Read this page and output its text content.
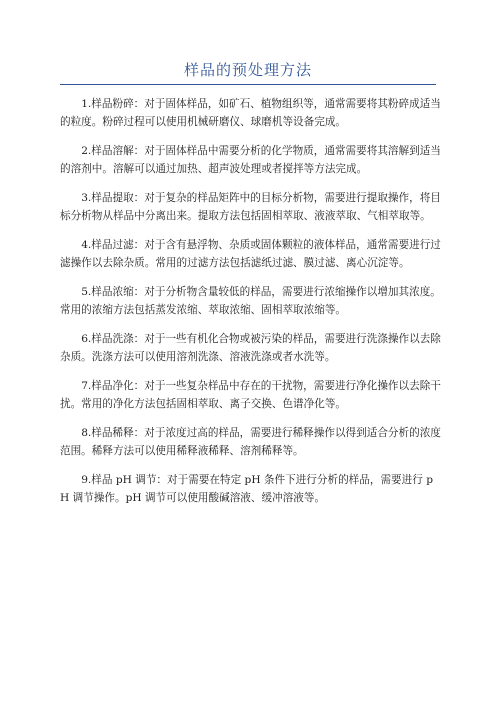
样品的预处理方法

1.样品粉碎：对于固体样品，如矿石、植物组织等，通常需要将其粉碎成适当的粒度。粉碎过程可以使用机械研磨仪、球磨机等设备完成。

2.样品溶解：对于固体样品中需要分析的化学物质，通常需要将其溶解到适当的溶剂中。溶解可以通过加热、超声波处理或者搅拌等方法完成。

3.样品提取：对于复杂的样品矩阵中的目标分析物，需要进行提取操作，将目标分析物从样品中分离出来。提取方法包括固相萃取、液液萃取、气相萃取等。

4.样品过滤：对于含有悬浮物、杂质或固体颗粒的液体样品，通常需要进行过滤操作以去除杂质。常用的过滤方法包括滤纸过滤、膜过滤、离心沉淀等。

5.样品浓缩：对于分析物含量较低的样品，需要进行浓缩操作以增加其浓度。常用的浓缩方法包括蒸发浓缩、萃取浓缩、固相萃取浓缩等。

6.样品洗涤：对于一些有机化合物或被污染的样品，需要进行洗涤操作以去除杂质。洗涤方法可以使用溶剂洗涤、溶液洗涤或者水洗等。

7.样品净化：对于一些复杂样品中存在的干扰物，需要进行净化操作以去除干扰。常用的净化方法包括固相萃取、离子交换、色谱净化等。

8.样品稀释：对于浓度过高的样品，需要进行稀释操作以得到适合分析的浓度范围。稀释方法可以使用稀释液稀释、溶剂稀释等。

9.样品 pH 调节：对于需要在特定 pH 条件下进行分析的样品，需要进行 pH 调节操作。pH 调节可以使用酸碱溶液、缓冲溶液等。
